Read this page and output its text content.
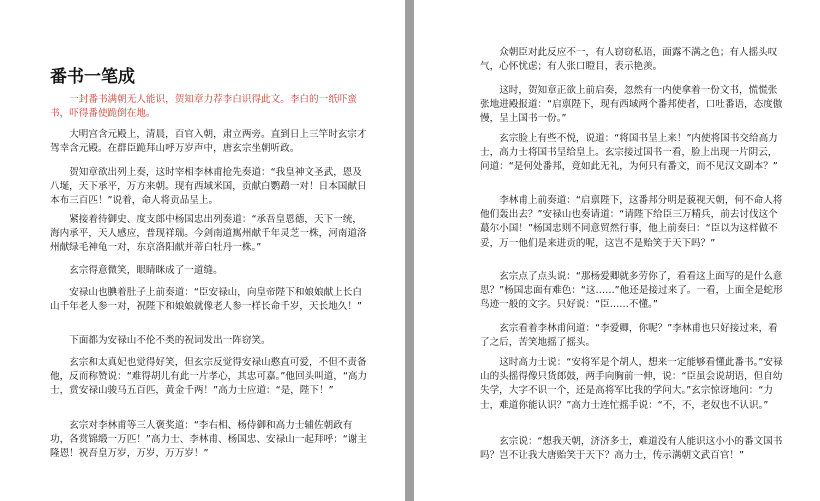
番书一笔成

一封番书满朝无人能识，贺知章力荐李白识得此文。李白的一纸吓蛮书，吓得番使跪倒在地。

大明宫含元殿上，清晨，百官入朝，肃立两旁。直到日上三竿时玄宗才驾幸含元殿。在群臣跪拜山呼万岁声中，唐玄宗坐朝听政。

贺知章欲出列上奏，这时宰相李林甫抢先奏道：“我皇神文圣武，恩及八埏，天下承平，万方来朝。现有西域米国，贡献白鹦鹉一对！日本国献日本布三百匹！”说着，命人将贡品呈上。

紧接着待御史、度支郎中杨国忠出列奏道：“承吾皇恩德，天下一统，海内承平，天人感应，普现祥瑞。今剑南道嶲州献千年灵芝一株，河南道洛州献绿毛神龟一对，东京洛阳献并蒂白牡丹一株。”

玄宗得意微笑，眼睛眯成了一道缝。

安禄山也腆着肚子上前奏道：“臣安禄山，向皇帝陛下和娘娘献上长白山千年老人参一对，祝陛下和娘娘就像老人参一样长命千岁，天长地久！”

下面都为安禄山不伦不类的祝词发出一阵窃笑。

玄宗和太真妃也觉得好笑，但玄宗反觉得安禄山憨直可爱，不但不责备他，反而称赞说：“难得胡儿有此一片孝心，其忠可嘉。”他回头叫道，“高力士，赏安禄山骏马五百匹，黄金千两！”高力士应道：“是，陛下！”

玄宗对李林甫等三人褒奖道：“李右相、杨侍御和高力士辅佐朝政有功，各赏锦缎一万匹！”高力士、李林甫、杨国忠、安禄山一起拜呼：“谢主隆恩！祝吾皇万岁，万岁，万万岁！”

众朝臣对此反应不一，有人窃窃私语，面露不满之色；有人摇头叹气，心怀忧虑；有人张口瞪目，表示艳羡。

这时，贺知章正欲上前启奏，忽然有一内使拿着一份文书，慌慌张张地进殿报道：“启禀陛下，现有西域两个番邦使者，口吐番语，态度傲慢，呈上国书一份。”

玄宗脸上有些不悦，说道：“将国书呈上来！”内使将国书交给高力士，高力士将国书呈给皇上。玄宗接过国书一看，脸上出现一片阴云，问道：“是何处番邦，竟如此无礼，为何只有番文，而不见汉文副本？”

李林甫上前奏道：“启禀陛下，这番邦分明是藐视天朝，何不命人将他们轰出去？”安禄山也奏请道：“请陛下给臣三万精兵，前去讨伐这个蕞尔小国！”杨国忠则不同意贸然行事，他上前奏曰：“臣以为这样做不妥，万一他们是来进贡的呢，这岂不是贻笑于天下吗？”

玄宗点了点头说：“那杨爱卿就多劳你了，看看这上面写的是什么意思？”杨国忠面有难色：“这……”他还是接过来了。一看，上面全是蛇形鸟迹一般的文字。只好说：“臣……不懂。”

玄宗看着李林甫问道：“李爱卿，你呢？”李林甫也只好接过来，看了之后，苦笑地摇了摇头。

这时高力士说：“安将军是个胡人，想来一定能够看懂此番书。”安禄山的头摇得像只货郎鼓，两手向胸前一伸，说：“臣虽会说胡语，但自幼失学，大字不识一个，还是高将军比我的学问大。”玄宗惊讶地问：“力士，难道你能认识？”高力士连忙摇手说：“不，不，老奴也不认识。”

玄宗说：“想我天朝，济济多士，难道没有人能识这小小的番文国书吗？岂不让我大唐贻笑于天下？高力士，传示满朝文武百官！”
